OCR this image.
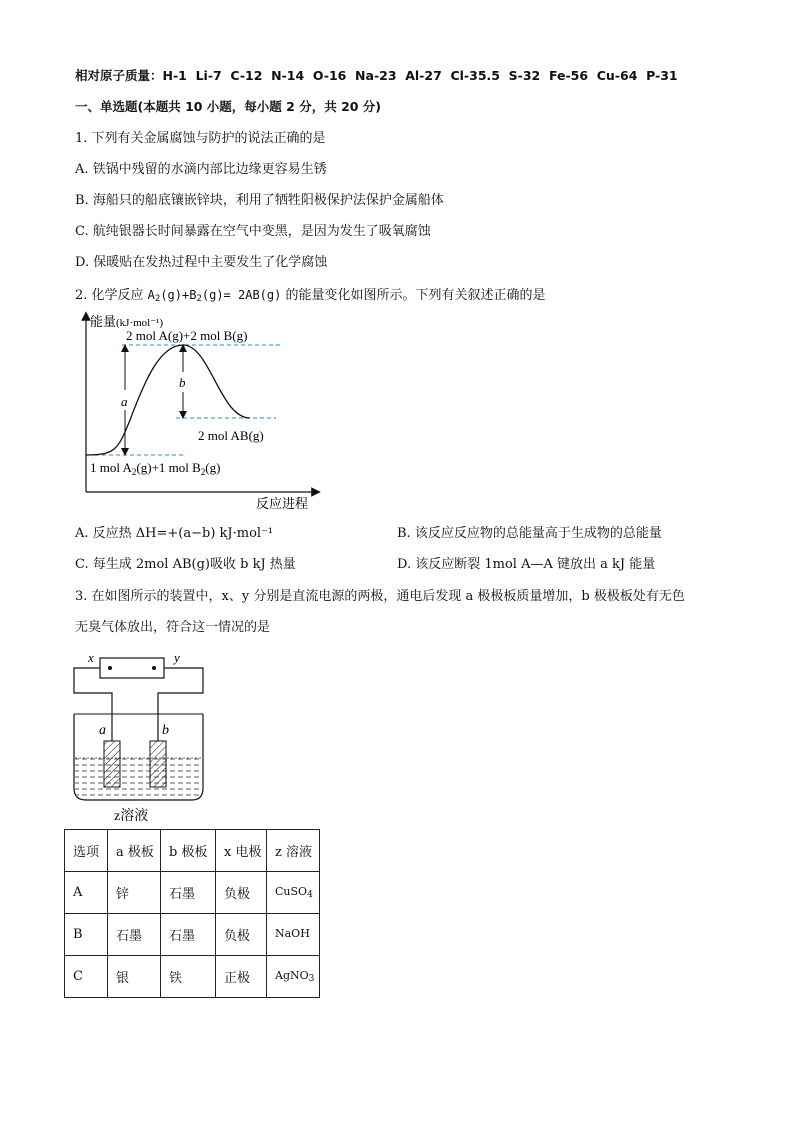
相对原子质量：H-1  Li-7  C-12  N-14  O-16  Na-23  Al-27  Cl-35.5  S-32  Fe-56  Cu-64  P-31
一、单选题(本题共 10 小题，每小题 2 分，共 20 分)
1. 下列有关金属腐蚀与防护的说法正确的是
A. 铁锅中残留的水滴内部比边缘更容易生锈
B. 海船只的船底镶嵌锌块，利用了牺牲阳极保护法保护金属船体
C. 航纯银器长时间暴露在空气中变黑，是因为发生了吸氧腐蚀
D. 保暖贴在发热过程中主要发生了化学腐蚀
2. 化学反应 $A_2(g)+B_2(g)= 2AB(g)$ 的能量变化如图所示。下列有关叙述正确的是
能量(kJ·mol⁻¹)
a
b
2 mol A(g)+2 mol B(g)
2 mol AB(g)
1 mol $A_2(g)+1$ mol $B_2(g)$
反应进程
A. 反应热 ΔH=+(a−b) kJ·mol⁻¹	B. 该反应反应物的总能量高于生成物的总能量
C. 每生成 2mol AB(g)吸收 b kJ 热量	D. 该反应断裂 1mol A—A 键放出 a kJ 能量
3. 在如图所示的装置中，x、y 分别是直流电源的两极，通电后发现 a 极极板质量增加，b 极极板处有无色
无臭气体放出，符合这一情况的是
x	y
a	b
z溶液
选项	a 极板	b 极板	x 电极	z 溶液
A	锌	石墨	负极	CuSO$_4$
B	石墨	石墨	负极	NaOH
C	银	铁	正极	AgNO$_3$
